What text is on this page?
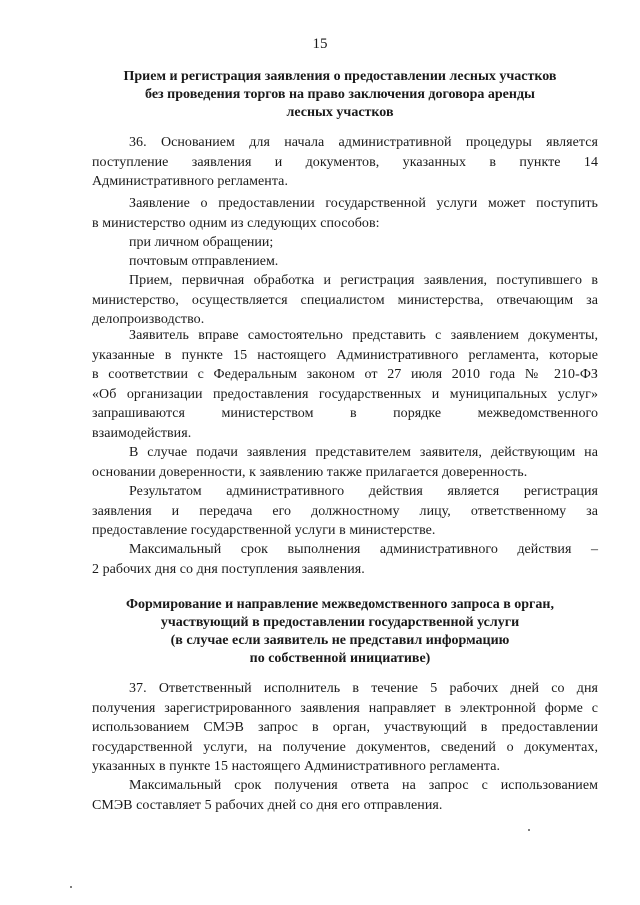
15
Прием и регистрация заявления о предоставлении лесных участков
без проведения торгов на право заключения договора аренды
лесных участков
36. Основанием для начала административной процедуры является
поступление заявления и документов, указанных в пункте 14
Административного регламента.
Заявление о предоставлении государственной услуги может поступить
в министерство одним из следующих способов:
при личном обращении;
почтовым отправлением.
Прием, первичная обработка и регистрация заявления, поступившего в
министерство, осуществляется специалистом министерства, отвечающим за
делопроизводство.
Заявитель вправе самостоятельно представить с заявлением документы,
указанные в пункте 15 настоящего Административного регламента, которые
в соответствии с Федеральным законом от 27 июля 2010 года № 210-ФЗ
«Об организации предоставления государственных и муниципальных услуг»
запрашиваются министерством в порядке межведомственного
взаимодействия.
В случае подачи заявления представителем заявителя, действующим на
основании доверенности, к заявлению также прилагается доверенность.
Результатом административного действия является регистрация
заявления и передача его должностному лицу, ответственному за
предоставление государственной услуги в министерстве.
Максимальный срок выполнения административного действия –
2 рабочих дня со дня поступления заявления.
Формирование и направление межведомственного запроса в орган,
участвующий в предоставлении государственной услуги
(в случае если заявитель не представил информацию
по собственной инициативе)
37. Ответственный исполнитель в течение 5 рабочих дней со дня
получения зарегистрированного заявления направляет в электронной форме с
использованием СМЭВ запрос в орган, участвующий в предоставлении
государственной услуги, на получение документов, сведений о документах,
указанных в пункте 15 настоящего Административного регламента.
Максимальный срок получения ответа на запрос с использованием
СМЭВ составляет 5 рабочих дней со дня его отправления.
